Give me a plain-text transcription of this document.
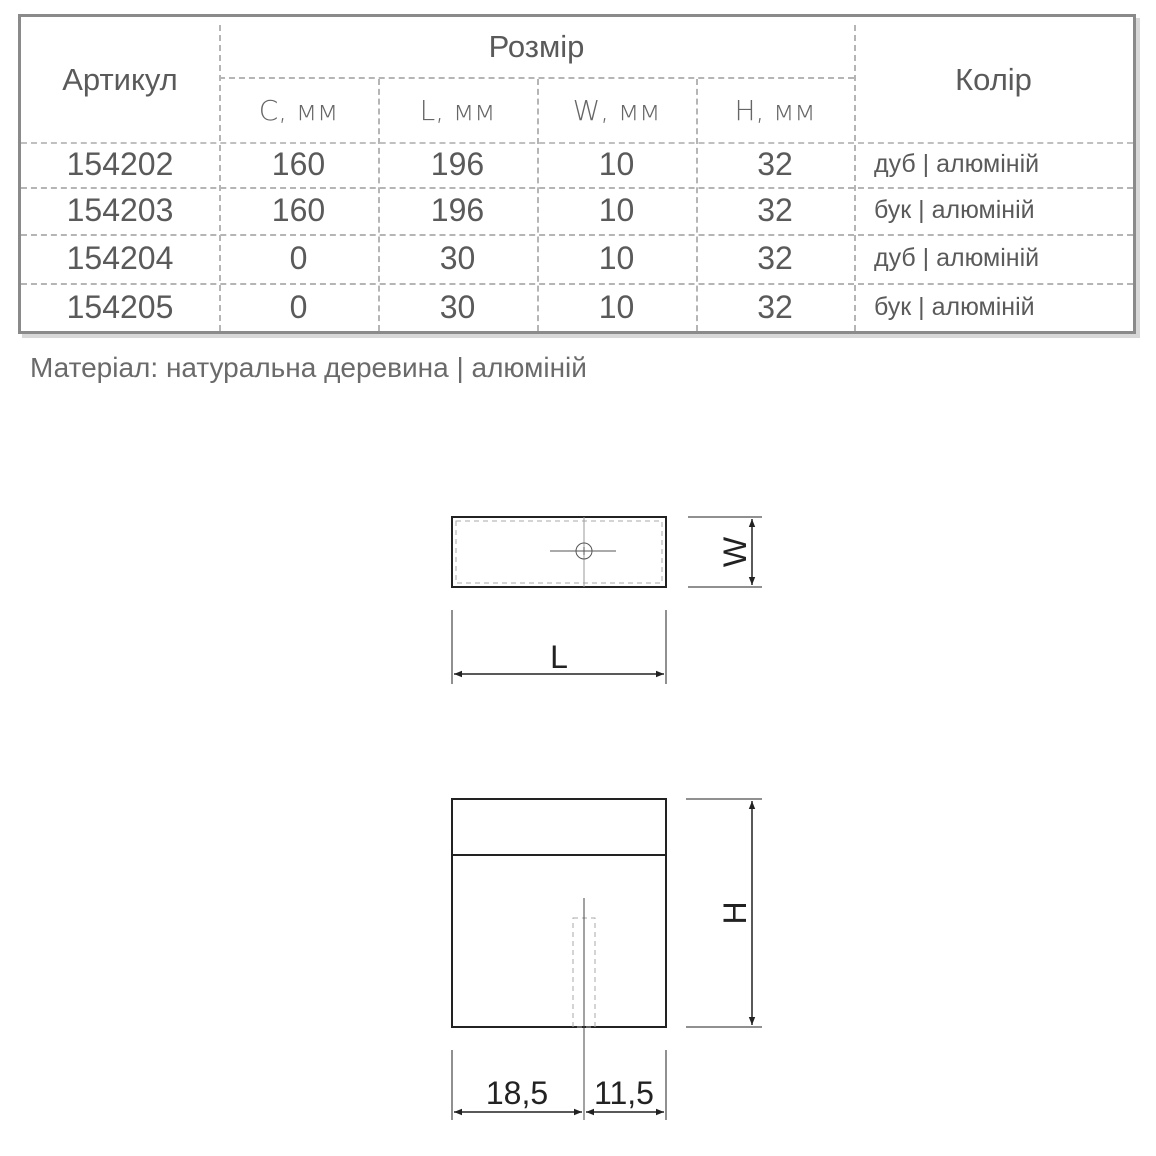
Артикул
Розмір
Колір
C, мм	L, мм	W, мм	H, мм
154202	160	196	10	32	дуб | алюміній
154203	160	196	10	32	бук | алюміній
154204	0	30	10	32	дуб | алюміній
154205	0	30	10	32	бук | алюміній
Матеріал: натуральна деревина | алюміній
W
L
H
18,5 11,5
